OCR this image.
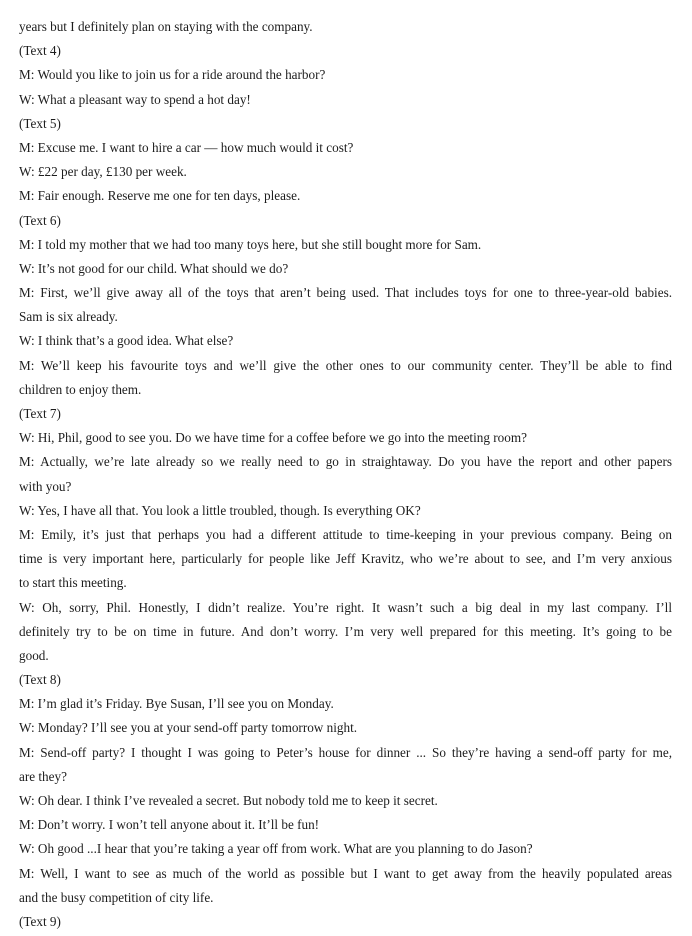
years but I definitely plan on staying with the company.
(Text 4)
M: Would you like to join us for a ride around the harbor?
W: What a pleasant way to spend a hot day!
(Text 5)
M: Excuse me. I want to hire a car — how much would it cost?
W: £22 per day, £130 per week.
M: Fair enough. Reserve me one for ten days, please.
(Text 6)
M: I told my mother that we had too many toys here, but she still bought more for Sam.
W: It’s not good for our child. What should we do?
M: First, we’ll give away all of the toys that aren’t being used. That includes toys for one to three-year-old babies.
Sam is six already.
W: I think that’s a good idea. What else?
M: We’ll keep his favourite toys and we’ll give the other ones to our community center. They’ll be able to find
children to enjoy them.
(Text 7)
W: Hi, Phil, good to see you. Do we have time for a coffee before we go into the meeting room?
M: Actually, we’re late already so we really need to go in straightaway. Do you have the report and other papers
with you?
W: Yes, I have all that. You look a little troubled, though. Is everything OK?
M: Emily, it’s just that perhaps you had a different attitude to time-keeping in your previous company. Being on
time is very important here, particularly for people like Jeff Kravitz, who we’re about to see, and I’m very anxious
to start this meeting.
W: Oh, sorry, Phil. Honestly, I didn’t realize. You’re right. It wasn’t such a big deal in my last company. I’ll
definitely try to be on time in future. And don’t worry. I’m very well prepared for this meeting. It’s going to be
good.
(Text 8)
M: I’m glad it’s Friday. Bye Susan, I’ll see you on Monday.
W: Monday? I’ll see you at your send-off party tomorrow night.
M: Send-off party? I thought I was going to Peter’s house for dinner ... So they’re having a send-off party for me,
are they?
W: Oh dear. I think I’ve revealed a secret. But nobody told me to keep it secret.
M: Don’t worry. I won’t tell anyone about it. It’ll be fun!
W: Oh good ...I hear that you’re taking a year off from work. What are you planning to do Jason?
M: Well, I want to see as much of the world as possible but I want to get away from the heavily populated areas
and the busy competition of city life.
(Text 9)
